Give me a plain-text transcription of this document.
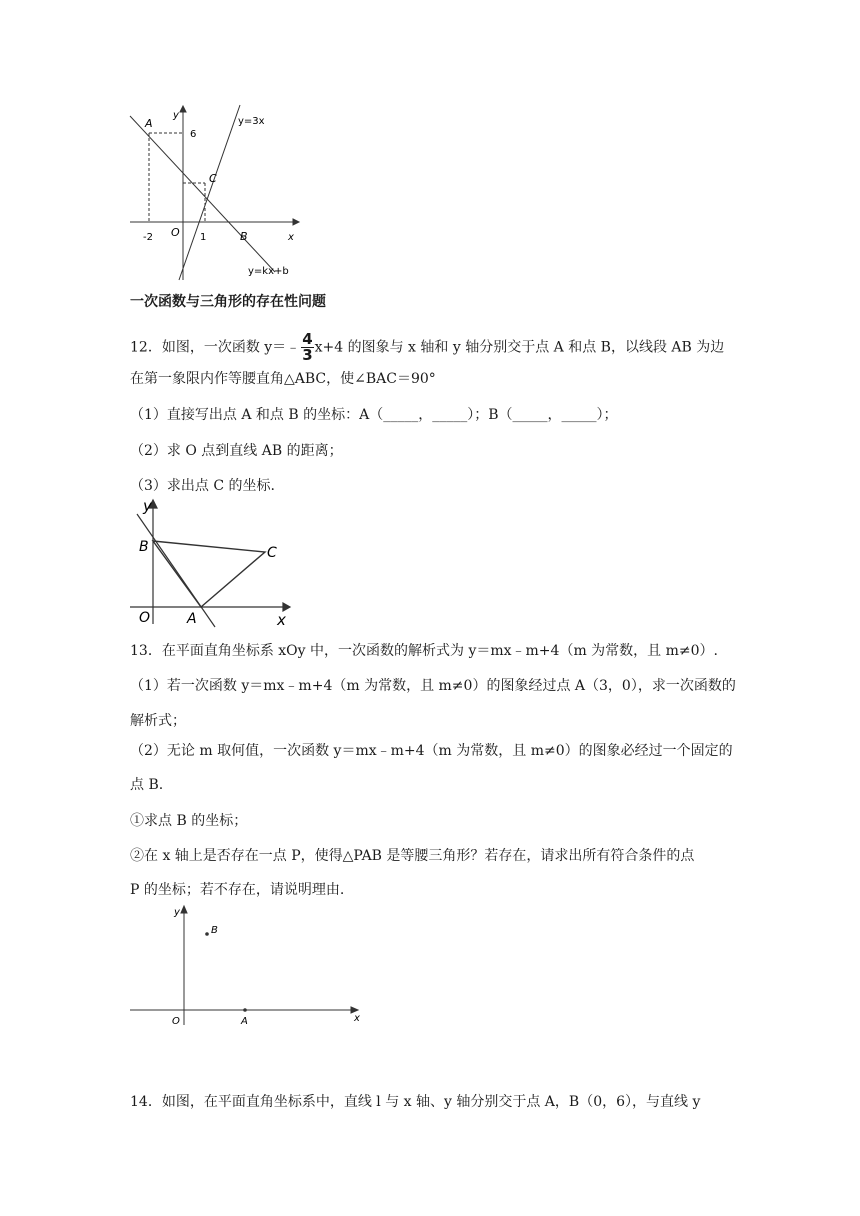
y
A
6
y=3x
C
-2 O 1	B	x
y=kx+b
一次函数与三角形的存在性问题
12．如图，一次函数 y＝﹣ $\frac{4}{3} x+4$ 的图象与 x 轴和 y 轴分别交于点 A 和点 B，以线段 AB 为边
在第一象限内作等腰直角△ABC，使∠BAC＝90°
（1）直接写出点 A 和点 B 的坐标：A（_____，_____）；B（_____，_____）；
（2）求 O 点到直线 AB 的距离；
（3）求出点 C 的坐标.
y
B	C
O	A	x
13．在平面直角坐标系 xOy 中，一次函数的解析式为 y＝mx﹣m+4（m 为常数，且 m≠0）.
（1）若一次函数 y＝mx﹣m+4（m 为常数，且 m≠0）的图象经过点 A（3，0），求一次函数的
解析式；
（2）无论 m 取何值，一次函数 y＝mx﹣m+4（m 为常数，且 m≠0）的图象必经过一个固定的
点 B.
①求点 B 的坐标；
②在 x 轴上是否存在一点 P，使得△PAB 是等腰三角形？若存在，请求出所有符合条件的点
P 的坐标；若不存在，请说明理由.
y
B
O	A	x
14．如图，在平面直角坐标系中，直线 l 与 x 轴、y 轴分别交于点 A，B（0，6），与直线 y
